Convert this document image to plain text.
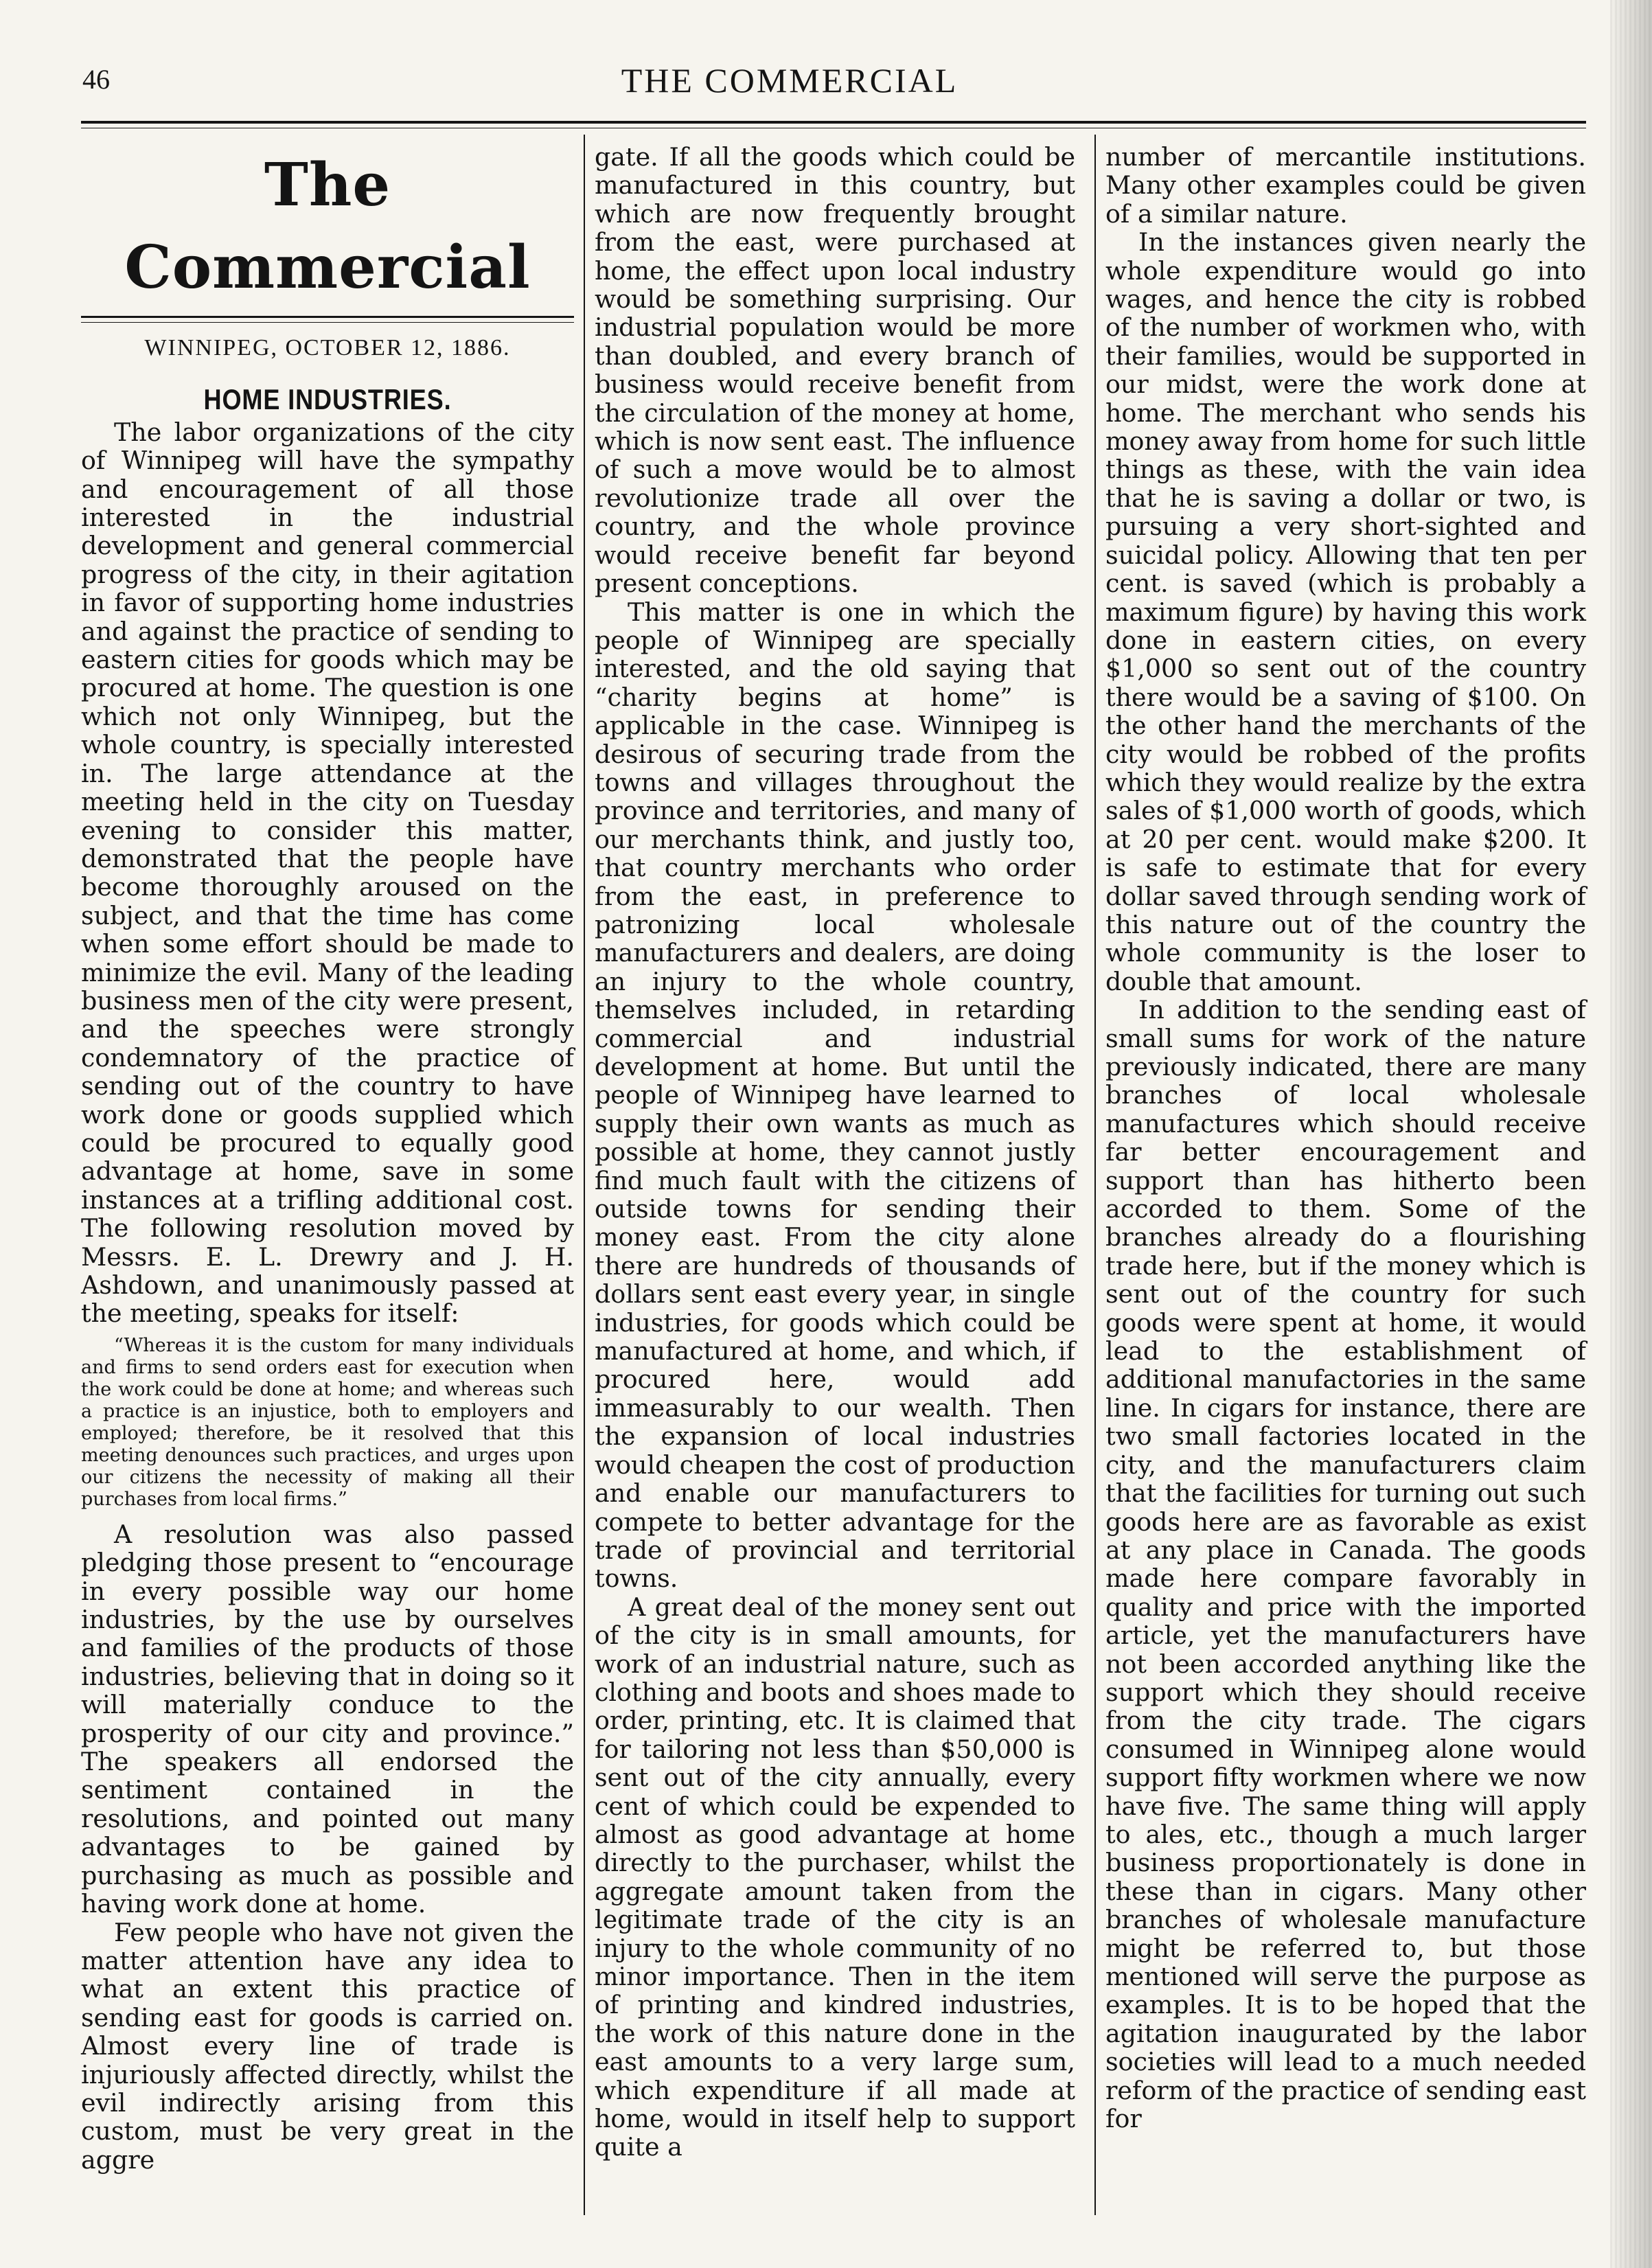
46	THE COMMERCIAL
The Commercial
WINNIPEG, OCTOBER 12, 1886.
HOME INDUSTRIES.

The labor organizations of the city of Winnipeg will have the sympathy and encouragement of all those interested in the industrial development and general commercial progress of the city, in their agitation in favor of supporting home industries and against the practice of sending to eastern cities for goods which may be procured at home. The question is one which not only Winnipeg, but the whole country, is specially interested in. The large attendance at the meeting held in the city on Tuesday evening to consider this matter, demonstrated that the people have become thoroughly aroused on the subject, and that the time has come when some effort should be made to minimize the evil. Many of the leading business men of the city were present, and the speeches were strongly condemnatory of the practice of sending out of the country to have work done or goods supplied which could be procured to equally good advantage at home, save in some instances at a trifling additional cost. The following resolution moved by Messrs. E. L. Drewry and J. H. Ashdown, and unanimously passed at the meeting, speaks for itself:

“Whereas it is the custom for many individuals and firms to send orders east for execution when the work could be done at home; and whereas such a practice is an injustice, both to employers and employed; therefore, be it resolved that this meeting denounces such practices, and urges upon our citizens the necessity of making all their purchases from local firms.”

A resolution was also passed pledging those present to “encourage in every possible way our home industries, by the use by ourselves and families of the products of those industries, believing that in doing so it will materially conduce to the prosperity of our city and province.” The speakers all endorsed the sentiment contained in the resolutions, and pointed out many advantages to be gained by purchasing as much as possible and having work done at home.

Few people who have not given the matter attention have any idea to what an extent this practice of sending east for goods is carried on. Almost every line of trade is injuriously affected directly, whilst the evil indirectly arising from this custom, must be very great in the aggre

gate. If all the goods which could be manufactured in this country, but which are now frequently brought from the east, were purchased at home, the effect upon local industry would be something surprising. Our industrial population would be more than doubled, and every branch of business would receive benefit from the circulation of the money at home, which is now sent east. The influence of such a move would be to almost revolutionize trade all over the country, and the whole province would receive benefit far beyond present conceptions.

This matter is one in which the people of Winnipeg are specially interested, and the old saying that “charity begins at home” is applicable in the case. Winnipeg is desirous of securing trade from the towns and villages throughout the province and territories, and many of our merchants think, and justly too, that country merchants who order from the east, in preference to patronizing local wholesale manufacturers and dealers, are doing an injury to the whole country, themselves included, in retarding commercial and industrial development at home. But until the people of Winnipeg have learned to supply their own wants as much as possible at home, they cannot justly find much fault with the citizens of outside towns for sending their money east. From the city alone there are hundreds of thousands of dollars sent east every year, in single industries, for goods which could be manufactured at home, and which, if procured here, would add immeasurably to our wealth. Then the expansion of local industries would cheapen the cost of production and enable our manufacturers to compete to better advantage for the trade of provincial and territorial towns.

A great deal of the money sent out of the city is in small amounts, for work of an industrial nature, such as clothing and boots and shoes made to order, printing, etc. It is claimed that for tailoring not less than $50,000 is sent out of the city annually, every cent of which could be expended to almost as good advantage at home directly to the purchaser, whilst the aggregate amount taken from the legitimate trade of the city is an injury to the whole community of no minor importance. Then in the item of printing and kindred industries, the work of this nature done in the east amounts to a very large sum, which expenditure if all made at home, would in itself help to support quite a

number of mercantile institutions. Many other examples could be given of a similar nature.

In the instances given nearly the whole expenditure would go into wages, and hence the city is robbed of the number of workmen who, with their families, would be supported in our midst, were the work done at home. The merchant who sends his money away from home for such little things as these, with the vain idea that he is saving a dollar or two, is pursuing a very short-sighted and suicidal policy. Allowing that ten per cent. is saved (which is probably a maximum figure) by having this work done in eastern cities, on every $1,000 so sent out of the country there would be a saving of $100. On the other hand the merchants of the city would be robbed of the profits which they would realize by the extra sales of $1,000 worth of goods, which at 20 per cent. would make $200. It is safe to estimate that for every dollar saved through sending work of this nature out of the country the whole community is the loser to double that amount.

In addition to the sending east of small sums for work of the nature previously indicated, there are many branches of local wholesale manufactures which should receive far better encouragement and support than has hitherto been accorded to them. Some of the branches already do a flourishing trade here, but if the money which is sent out of the country for such goods were spent at home, it would lead to the establishment of additional manufactories in the same line. In cigars for instance, there are two small factories located in the city, and the manufacturers claim that the facilities for turning out such goods here are as favorable as exist at any place in Canada. The goods made here compare favorably in quality and price with the imported article, yet the manufacturers have not been accorded anything like the support which they should receive from the city trade. The cigars consumed in Winnipeg alone would support fifty workmen where we now have five. The same thing will apply to ales, etc., though a much larger business proportionately is done in these than in cigars. Many other branches of wholesale manufacture might be referred to, but those mentioned will serve the purpose as examples. It is to be hoped that the agitation inaugurated by the labor societies will lead to a much needed reform of the practice of sending east for
